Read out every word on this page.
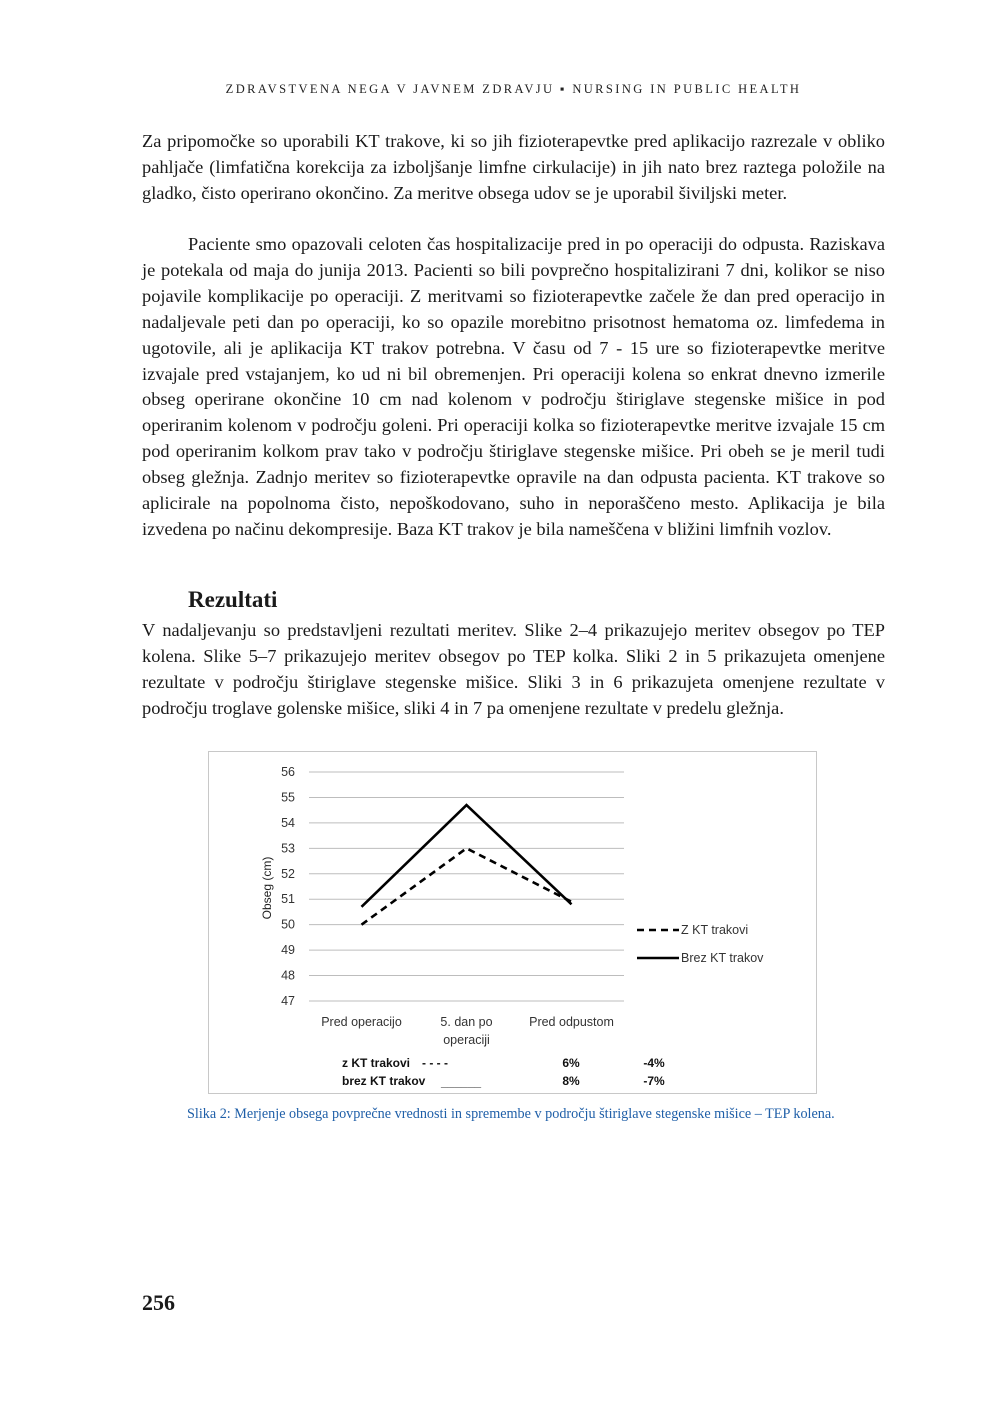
ZDRAVSTVENA NEGA V JAVNEM ZDRAVJU ▪ NURSING IN PUBLIC HEALTH

Za pripomočke so uporabili KT trakove, ki so jih fizioterapevtke pred aplikacijo razrezale v obliko pahljače (limfatična korekcija za izboljšanje limfne cirkulacije) in jih nato brez raztega položile na gladko, čisto operirano okončino. Za meritve obsega udov se je uporabil šiviljski meter.

Paciente smo opazovali celoten čas hospitalizacije pred in po operaciji do odpusta. Raziskava je potekala od maja do junija 2013. Pacienti so bili povprečno hospitalizirani 7 dni, kolikor se niso pojavile komplikacije po operaciji. Z meritvami so fizioterapevtke začele že dan pred operacijo in nadaljevale peti dan po operaciji, ko so opazile morebitno prisotnost hematoma oz. limfedema in ugotovile, ali je aplikacija KT trakov potrebna. V času od 7 - 15 ure so fizioterapevtke meritve izvajale pred vstajanjem, ko ud ni bil obremenjen. Pri operaciji kolena so enkrat dnevno izmerile obseg operirane okončine 10 cm nad kolenom v področju štiriglave stegenske mišice in pod operiranim kolenom v področju goleni. Pri operaciji kolka so fizioterapevtke meritve izvajale 15 cm pod operiranim kolkom prav tako v področju štiriglave stegenske mišice. Pri obeh se je meril tudi obseg gležnja. Zadnjo meritev so fizioterapevtke opravile na dan odpusta pacienta. KT trakove so aplicirale na popolnoma čisto, nepoškodovano, suho in neporaščeno mesto. Aplikacija je bila izvedena po načinu dekompresije. Baza KT trakov je bila nameščena v bližini limfnih vozlov.

Rezultati

V nadaljevanju so predstavljeni rezultati meritev. Slike 2–4 prikazujejo meritev obsegov po TEP kolena. Slike 5–7 prikazujejo meritev obsegov po TEP kolka. Sliki 2 in 5 prikazujeta omenjene rezultate v področju štiriglave stegenske mišice. Sliki 3 in 6 prikazujeta omenjene rezultate v področju troglave golenske mišice, sliki 4 in 7 pa omenjene rezultate v predelu gležnja.

47
48
49
50
51
52
53
54
55
56
Obseg (cm)
Pred operacijo	5. dan po
operaciji
Pred odpustom
Z KT trakovi
Brez KT trakov
z KT trakovi - - - -	6%	-4%
brez KT trakov ______	8%	-7%

Slika 2: Merjenje obsega povprečne vrednosti in spremembe v področju štiriglave stegenske mišice – TEP kolena.

256
